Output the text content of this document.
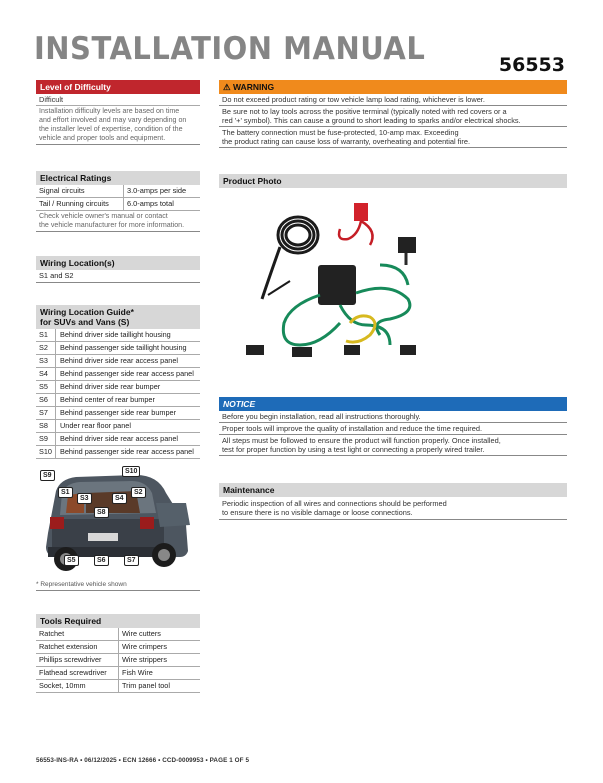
INSTALLATION MANUAL	56553
Level of Difficulty
Difficult
Installation difficulty levels are based on time
and effort involved and may vary depending on
the installer level of expertise, condition of the
vehicle and proper tools and equipment.
Electrical Ratings
Signal circuits	3.0-amps per side
Tail / Running circuits	6.0-amps total
Check vehicle owner's manual or contact
the vehicle manufacturer for more information.
Wiring Location(s)
S1 and S2
Wiring Location Guide*
for SUVs and Vans (S)
S1	Behind driver side taillight housing
S2	Behind passenger side taillight housing
S3	Behind driver side rear access panel
S4	Behind passenger side rear access panel
S5	Behind driver side rear bumper
S6	Behind center of rear bumper
S7	Behind passenger side rear bumper
S8	Under rear floor panel
S9	Behind driver side rear access panel
S10	Behind passenger side rear access panel
S9
S10
S1	S2
S3	S4
S8
S5	S6	S7
* Representative vehicle shown
Tools Required
Ratchet	Wire cutters
Ratchet extension	Wire crimpers
Phillips screwdriver	Wire strippers
Flathead screwdriver	Fish Wire
Socket, 10mm	Trim panel tool
⚠ WARNING
Do not exceed product rating or tow vehicle lamp load rating, whichever is lower.
Be sure not to lay tools across the positive terminal (typically noted with red covers or a
red '+' symbol). This can cause a ground to short leading to sparks and/or electrical shocks.
The battery connection must be fuse-protected, 10-amp max. Exceeding
the product rating can cause loss of warranty, overheating and potential fire.
Product Photo
NOTICE
Before you begin installation, read all instructions thoroughly.
Proper tools will improve the quality of installation and reduce the time required.
All steps must be followed to ensure the product will function properly. Once installed,
test for proper function by using a test light or connecting a properly wired trailer.
Maintenance
Periodic inspection of all wires and connections should be performed
to ensure there is no visible damage or loose connections.
56553-INS-RA • 06/12/2025 • ECN 12666 • CCD-0009953 • PAGE 1 OF 5
